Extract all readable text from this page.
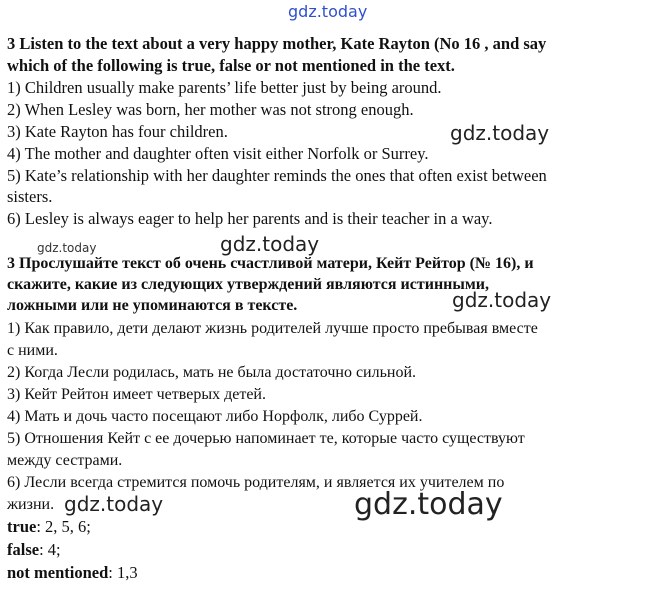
gdz.today
gdz.today
gdz.today	gdz.today
gdz.today
gdz.today	gdz.today
3 Listen to the text about a very happy mother, Kate Rayton (No 16 , and say
which of the following is true, false or not mentioned in the text.
1) Children usually make parents’ life better just by being around.
2) When Lesley was born, her mother was not strong enough.
3) Kate Rayton has four children.
4) The mother and daughter often visit either Norfolk or Surrey.
5) Kate’s relationship with her daughter reminds the ones that often exist between
sisters.
6) Lesley is always eager to help her parents and is their teacher in a way.
3 Прослушайте текст об очень счастливой матери, Кейт Рейтор (№ 16), и
скажите, какие из следующих утверждений являются истинными,
ложными или не упоминаются в тексте.
1) Как правило, дети делают жизнь родителей лучше просто пребывая вместе
с ними.
2) Когда Лесли родилась, мать не была достаточно сильной.
3) Кейт Рейтон имеет четверых детей.
4) Мать и дочь часто посещают либо Норфолк, либо Суррей.
5) Отношения Кейт с ее дочерью напоминает те, которые часто существуют
между сестрами.
6) Лесли всегда стремится помочь родителям, и является их учителем по
жизни.
true: 2, 5, 6;
false: 4;
not mentioned: 1,3
